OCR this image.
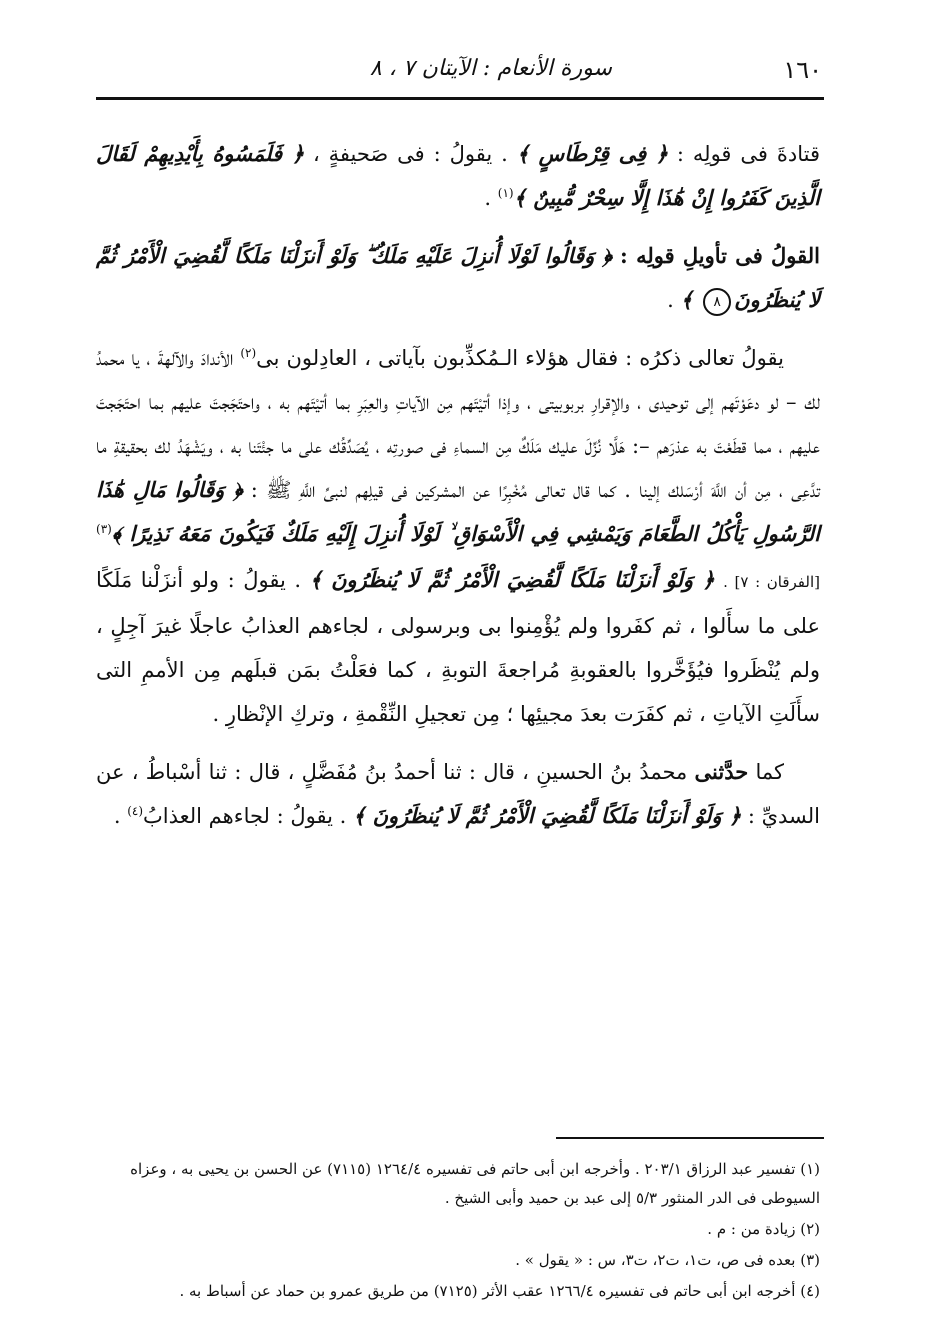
١٦٠
سورة الأنعام : الآيتان ٧ ، ٨

قتادةَ فى قولِه : ﴿ فِى قِرْطَاسٍ ﴾ . يقولُ : فى صَحيفةٍ ، ﴿ فَلَمَسُوهُ بِأَيْدِيهِمْ لَقَالَ الَّذِينَ كَفَرُوا إِنْ هَٰذَا إِلَّا سِحْرٌ مُّبِينٌ ﴾$^{(١)}$ .

القولُ فى تأويلِ قولِه : ﴿ وَقَالُوا لَوْلَا أُنزِلَ عَلَيْهِ مَلَكٌ ۖ وَلَوْ أَنزَلْنَا مَلَكًا لَّقُضِيَ الْأَمْرُ ثُمَّ لَا يُنظَرُونَ٨ ﴾ .

يقولُ تعالى ذكرُه : فقال هؤلاء الـمُكذِّبون بآياتى ، العادِلون بى$^{(٢)}$ الأندادَ والآلهةَ ، يا محمدُ لك – لو دعَوْتَهم إلى توحيدى ، والإقرارِ بربوبيتى ، وإذا أتيْتَهم مِن الآياتِ والعِبَرِ بما أتيْتَهم به ، واحتَجَجتَ عليهم بما احتَجَجتَ عليهم ، مما قطَعْتَ به عذرَهم –: هَلَّا نُزِّلَ عليك مَلَكٌ مِن السماءِ فى صورتِه ، يُصَدِّقُك على ما جئْتَنا به ، ويَشْهَدُ لك بحقيقةِ ما تدَّعِى ، مِن أن اللَّهَ أرْسَلك إلينا . كما قال تعالى مُخْبِرًا عن المشركين فى قيلِهم لنبىِّ اللَّهِ ﷺ : ﴿ وَقَالُوا مَالِ هَٰذَا الرَّسُولِ يَأْكُلُ الطَّعَامَ وَيَمْشِي فِي الْأَسْوَاقِ ۙ لَوْلَا أُنزِلَ إِلَيْهِ مَلَكٌ فَيَكُونَ مَعَهُ نَذِيرًا ﴾$^{(٣)}$ [الفرقان : ٧] . ﴿ وَلَوْ أَنزَلْنَا مَلَكًا لَّقُضِيَ الْأَمْرُ ثُمَّ لَا يُنظَرُونَ ﴾ . يقولُ : ولو أنزَلْنا مَلَكًا على ما سأَلوا ، ثم كفَروا ولم يُؤْمِنوا بى وبرسولى ، لجاءهم العذابُ عاجلًا غيرَ آجِلٍ ، ولم يُنْظَروا فيُؤَخَّروا بالعقوبةِ مُراجعةَ التوبةِ ، كما فعَلْتُ بمَن قبلَهم مِن الأممِ التى سأَلَتِ الآياتِ ، ثم كفَرَت بعدَ مجيئِها ؛ مِن تعجيلِ النِّقْمةِ ، وتركِ الإنْظارِ .

كما حدَّثنى محمدُ بنُ الحسينِ ، قال : ثنا أحمدُ بنُ مُفَضَّلٍ ، قال : ثنا أسْباطُ ، عن السديِّ : ﴿ وَلَوْ أَنزَلْنَا مَلَكًا لَّقُضِيَ الْأَمْرُ ثُمَّ لَا يُنظَرُونَ ﴾ . يقولُ : لجاءهم العذابُ$^{(٤)}$ .

(١) تفسير عبد الرزاق ٢٠٣/١ . وأخرجه ابن أبى حاتم فى تفسيره ١٢٦٤/٤ (٧١١٥) عن الحسن بن يحيى به ، وعزاه السيوطى فى الدر المنثور ٥/٣ إلى عبد بن حميد وأبى الشيخ .

(٢) زيادة من : م .

(٣) بعده فى ص، ت١، ت٢، ت٣، س : « يقول » .

(٤) أخرجه ابن أبى حاتم فى تفسيره ١٢٦٦/٤ عقب الأثر (٧١٢٥) من طريق عمرو بن حماد عن أسباط به .
